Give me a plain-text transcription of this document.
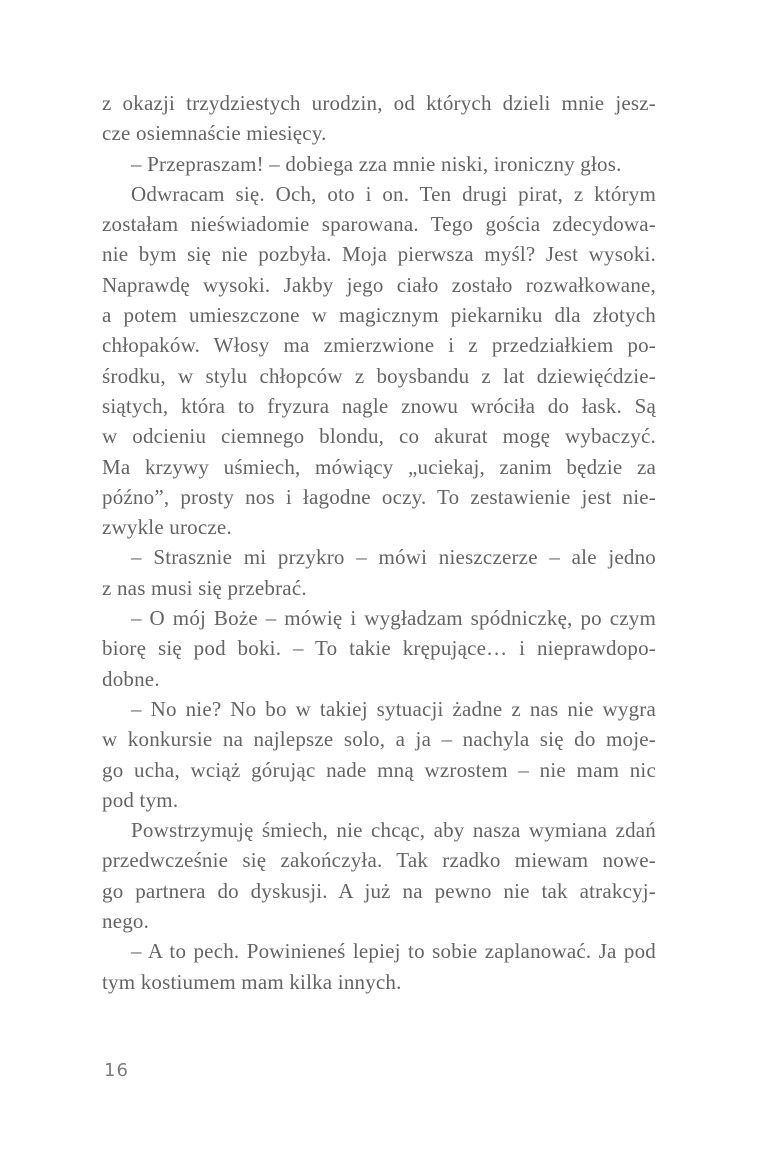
z okazji trzydziestych urodzin, od których dzieli mnie jesz-
cze osiemnaście miesięcy.

– Przepraszam! – dobiega zza mnie niski, ironiczny głos.

Odwracam się. Och, oto i on. Ten drugi pirat, z którym
zostałam nieświadomie sparowana. Tego gościa zdecydowa-
nie bym się nie pozbyła. Moja pierwsza myśl? Jest wysoki.
Naprawdę wysoki. Jakby jego ciało zostało rozwałkowane,
a potem umieszczone w magicznym piekarniku dla złotych
chłopaków. Włosy ma zmierzwione i z przedziałkiem po-
środku, w stylu chłopców z boysbandu z lat dziewięćdzie-
siątych, która to fryzura nagle znowu wróciła do łask. Są
w odcieniu ciemnego blondu, co akurat mogę wybaczyć.
Ma krzywy uśmiech, mówiący „uciekaj, zanim będzie za
późno”, prosty nos i łagodne oczy. To zestawienie jest nie-
zwykle urocze.

– Strasznie mi przykro – mówi nieszczerze – ale jedno
z nas musi się przebrać.

– O mój Boże – mówię i wygładzam spódniczkę, po czym
biorę się pod boki. – To takie krępujące… i nieprawdopo-
dobne.

– No nie? No bo w takiej sytuacji żadne z nas nie wygra
w konkursie na najlepsze solo, a ja – nachyla się do moje-
go ucha, wciąż górując nade mną wzrostem – nie mam nic
pod tym.

Powstrzymuję śmiech, nie chcąc, aby nasza wymiana zdań
przedwcześnie się zakończyła. Tak rzadko miewam nowe-
go partnera do dyskusji. A już na pewno nie tak atrakcyj-
nego.

– A to pech. Powinieneś lepiej to sobie zaplanować. Ja pod
tym kostiumem mam kilka innych.

16
